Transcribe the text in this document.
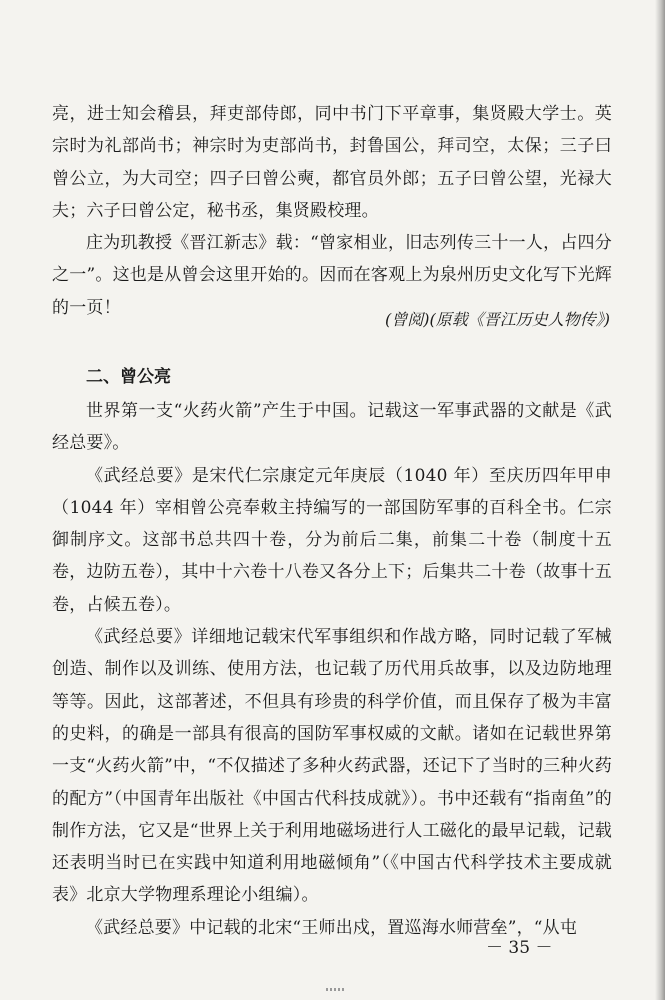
亮，进士知会稽县，拜吏部侍郎，同中书门下平章事，集贤殿大学士。英宗时为礼部尚书；神宗时为吏部尚书，封鲁国公，拜司空，太保；三子曰曾公立，为大司空；四子曰曾公奭，都官员外郎；五子曰曾公望，光禄大夫；六子曰曾公定，秘书丞，集贤殿校理。

庄为玑教授《晋江新志》载：“曾家相业，旧志列传三十一人，占四分之一”。这也是从曾会这里开始的。因而在客观上为泉州历史文化写下光辉的一页！

(曾阅)(原载《晋江历史人物传》)
二、曾公亮

世界第一支“火药火箭”产生于中国。记载这一军事武器的文献是《武经总要》。

《武经总要》是宋代仁宗康定元年庚辰（1040 年）至庆历四年甲申（1044 年）宰相曾公亮奉敕主持编写的一部国防军事的百科全书。仁宗御制序文。这部书总共四十卷，分为前后二集，前集二十卷（制度十五卷，边防五卷），其中十六卷十八卷又各分上下；后集共二十卷（故事十五卷，占候五卷）。

《武经总要》详细地记载宋代军事组织和作战方略，同时记载了军械创造、制作以及训练、使用方法，也记载了历代用兵故事，以及边防地理等等。因此，这部著述，不但具有珍贵的科学价值，而且保存了极为丰富的史料，的确是一部具有很高的国防军事权威的文献。诸如在记载世界第一支“火药火箭”中，“不仅描述了多种火药武器，还记下了当时的三种火药的配方”（中国青年出版社《中国古代科技成就》）。书中还载有“指南鱼”的制作方法，它又是“世界上关于利用地磁场进行人工磁化的最早记载，记载还表明当时已在实践中知道利用地磁倾角”（《中国古代科学技术主要成就表》北京大学物理系理论小组编）。

《武经总要》中记载的北宋“王师出戍，置巡海水师营垒”，“从屯

－ 35 －
